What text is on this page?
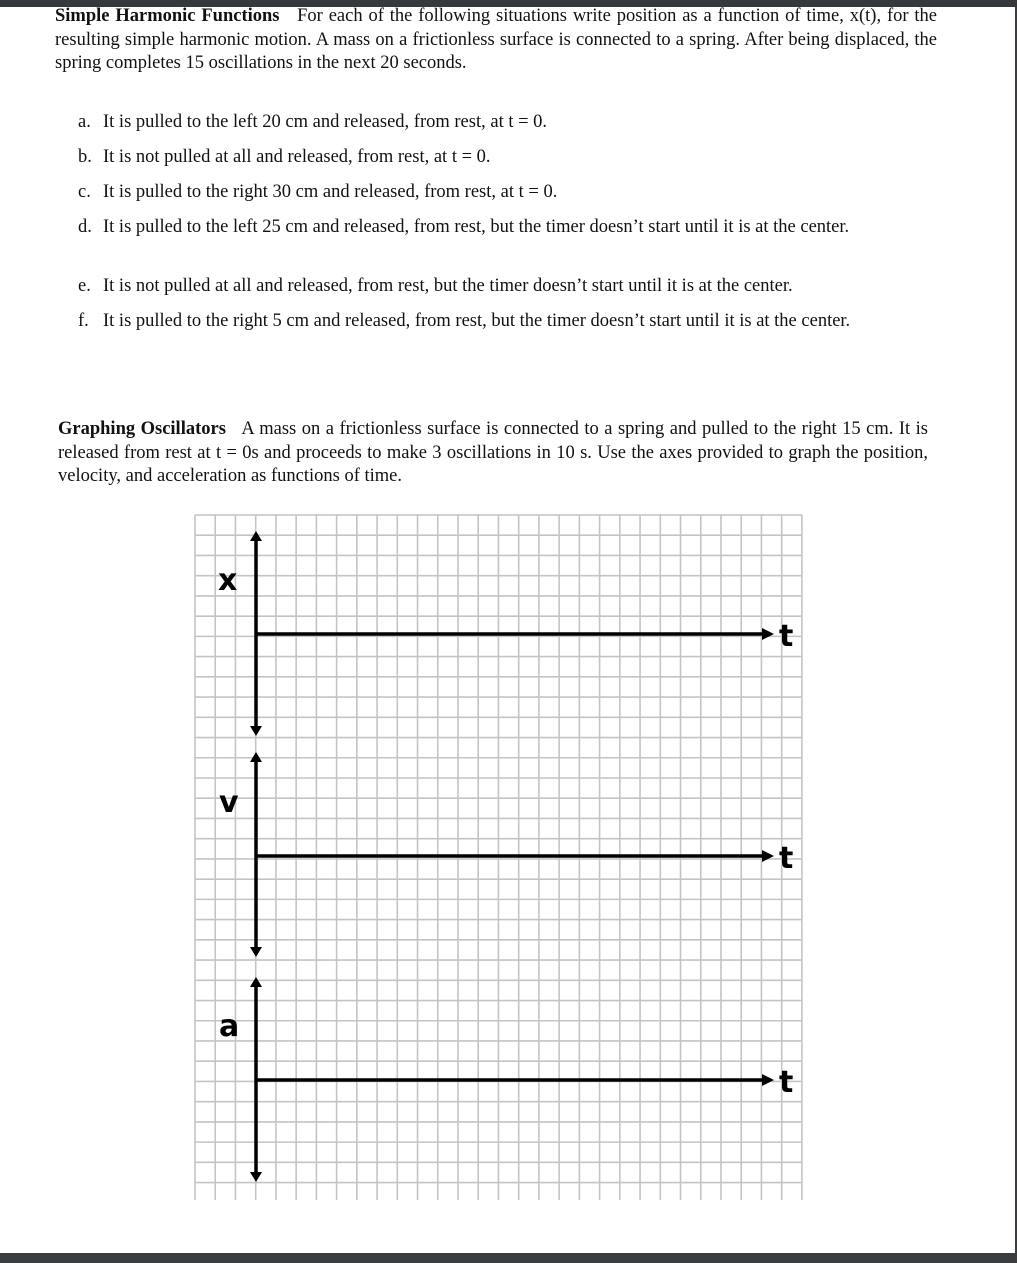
Simple Harmonic Functions For each of the following situations write position as a function of time, x(t), for the resulting simple harmonic motion. A mass on a frictionless surface is connected to a spring. After being displaced, the spring completes 15 oscillations in the next 20 seconds.
a. It is pulled to the left 20 cm and released, from rest, at t = 0.
b. It is not pulled at all and released, from rest, at t = 0.
c. It is pulled to the right 30 cm and released, from rest, at t = 0.
d. It is pulled to the left 25 cm and released, from rest, but the timer doesn’t start until it is at the center.
e. It is not pulled at all and released, from rest, but the timer doesn’t start until it is at the center.
f. It is pulled to the right 5 cm and released, from rest, but the timer doesn’t start until it is at the center.
Graphing Oscillators A mass on a frictionless surface is connected to a spring and pulled to the right 15 cm. It is released from rest at t = 0s and proceeds to make 3 oscillations in 10 s. Use the axes provided to graph the position, velocity, and acceleration as functions of time.
x
t
v
t
a
t
